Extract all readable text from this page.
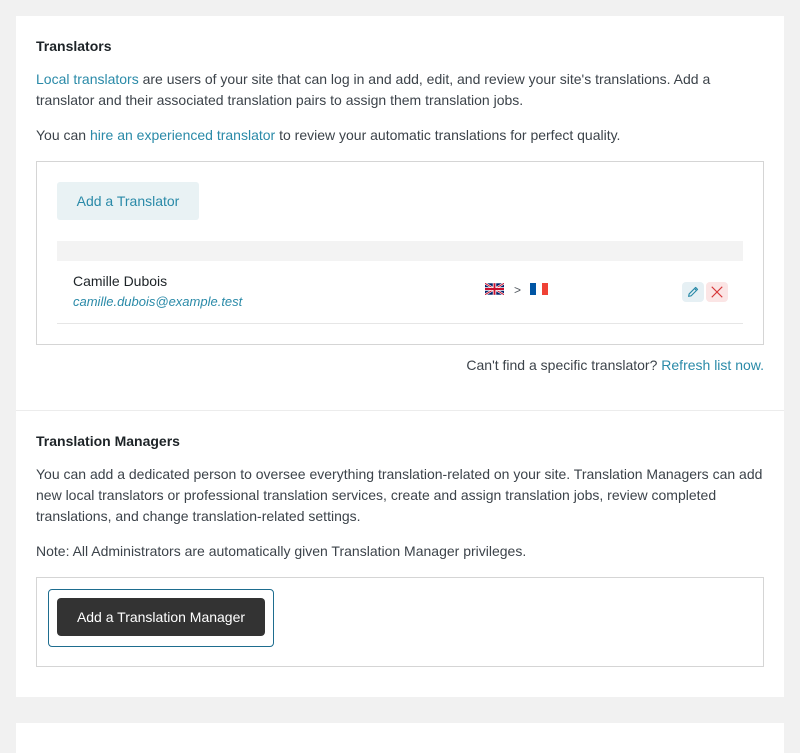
Translators

Local translators are users of your site that can log in and add, edit, and review your site's translations. Add a translator and their associated translation pairs to assign them translation jobs.

You can hire an experienced translator to review your automatic translations for perfect quality.

Add a Translator
Camille Dubois
camille.dubois@example.test
>
Can't find a specific translator? Refresh list now.
Translation Managers

You can add a dedicated person to oversee everything translation-related on your site. Translation Managers can add new local translators or professional translation services, create and assign translation jobs, review completed translations, and change translation-related settings.

Note: All Administrators are automatically given Translation Manager privileges.

Add a Translation Manager
